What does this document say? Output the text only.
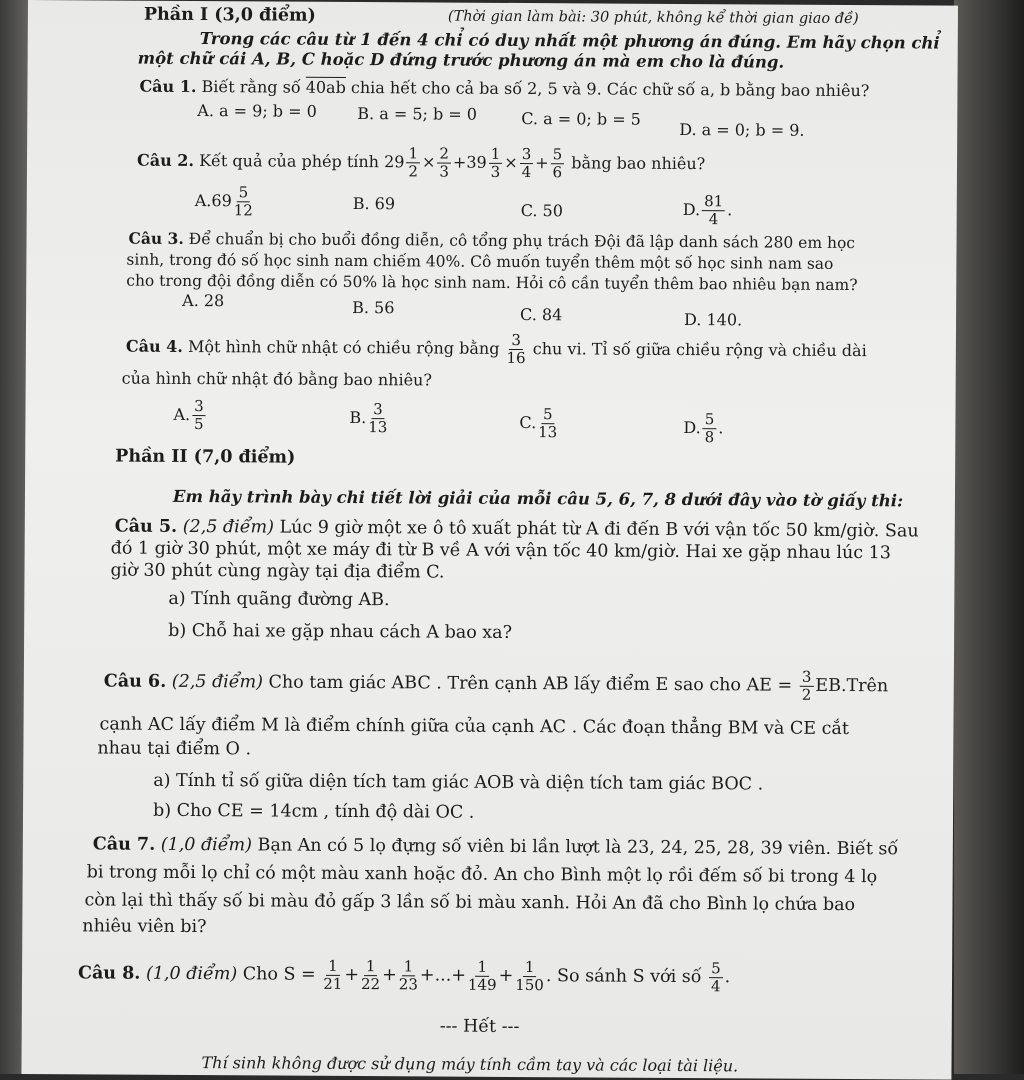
Phần I (3,0 điểm)	(Thời gian làm bài: 30 phút, không kể thời gian giao đề)
Trong các câu từ 1 đến 4 chỉ có duy nhất một phương án đúng. Em hãy chọn chỉ
một chữ cái A, B, C hoặc D đứng trước phương án mà em cho là đúng.
Câu 1. Biết rằng số 40ab chia hết cho cả ba số 2, 5 và 9. Các chữ số a, b bằng bao nhiêu?
A. a = 9; b = 0	B. a = 5; b = 0	C. a = 0; b = 5
D. a = 0; b = 9.
Câu 2. Kết quả của phép tính $29 \frac{1}{2} \times \frac{2}{3} + 39 \frac{1}{3} \times \frac{3}{4} + \frac{5}{6}$ bằng bao nhiêu?
$A.69 \frac{5}{12}$	B. 69	C. 50	D. $\frac{81}{4}$ .
Câu 3. Để chuẩn bị cho buổi đồng diễn, cô tổng phụ trách Đội đã lập danh sách 280 em học
sinh, trong đó số học sinh nam chiếm 40%. Cô muốn tuyển thêm một số học sinh nam sao
cho trong đội đồng diễn có 50% là học sinh nam. Hỏi cô cần tuyển thêm bao nhiêu bạn nam?
A. 28	B. 56	C. 84	D. 140.
Câu 4. Một hình chữ nhật có chiều rộng bằng $\frac{3}{16}$ chu vi. Tỉ số giữa chiều rộng và chiều dài
của hình chữ nhật đó bằng bao nhiêu?
A. $\frac{3}{5}$	B. $\frac{3}{13}$	C. $\frac{5}{13}$	D. $\frac{5}{8}$ .
Phần II (7,0 điểm)
Em hãy trình bày chi tiết lời giải của mỗi câu 5, 6, 7, 8 dưới đây vào tờ giấy thi:
Câu 5. (2,5 điểm) Lúc 9 giờ một xe ô tô xuất phát từ A đi đến B với vận tốc 50 km/giờ. Sau
đó 1 giờ 30 phút, một xe máy đi từ B về A với vận tốc 40 km/giờ. Hai xe gặp nhau lúc 13
giờ 30 phút cùng ngày tại địa điểm C.
a) Tính quãng đường AB.
b) Chỗ hai xe gặp nhau cách A bao xa?
Câu 6. (2,5 điểm) Cho tam giác ABC . Trên cạnh AB lấy điểm E sao cho AE = $\frac{3}{2}$ EB.Trên
cạnh AC lấy điểm M là điểm chính giữa của cạnh AC . Các đoạn thẳng BM và CE cắt
nhau tại điểm O .
a) Tính tỉ số giữa diện tích tam giác AOB và diện tích tam giác BOC .
b) Cho CE = 14cm , tính độ dài OC .
Câu 7. (1,0 điểm) Bạn An có 5 lọ đựng số viên bi lần lượt là 23, 24, 25, 28, 39 viên. Biết số
bi trong mỗi lọ chỉ có một màu xanh hoặc đỏ. An cho Bình một lọ rồi đếm số bi trong 4 lọ
còn lại thì thấy số bi màu đỏ gấp 3 lần số bi màu xanh. Hỏi An đã cho Bình lọ chứa bao
nhiêu viên bi?
Câu 8. (1,0 điểm) Cho $S = \frac{1}{21} + \frac{1}{22} + \frac{1}{23}$ +...+ $\frac{1}{149} + \frac{1}{150}$ . So sánh S với số $\frac{5}{4}$ .
--- Hết ---
Thí sinh không được sử dụng máy tính cầm tay và các loại tài liệu.
